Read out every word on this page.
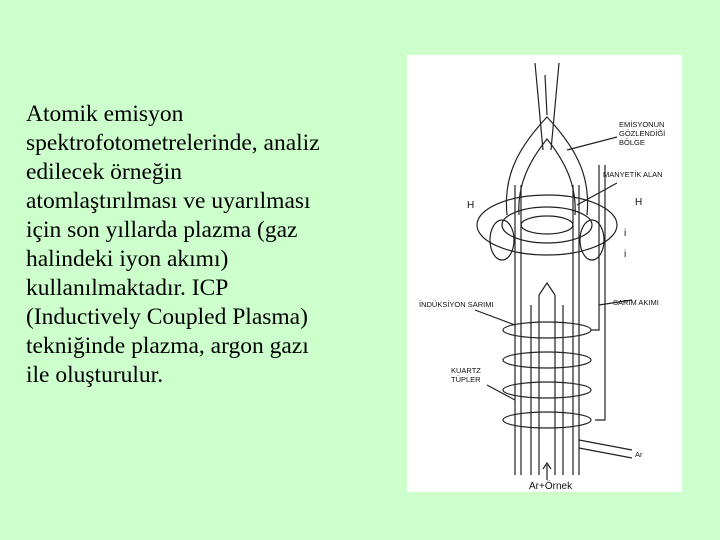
Atomik emisyon
spektrofotometrelerinde, analiz
edilecek örneğin
atomlaştırılması ve uyarılması
için son yıllarda plazma (gaz
halindeki iyon akımı)
kullanılmaktadır. ICP
(Inductively Coupled Plasma)
tekniğinde plazma, argon gazı
ile oluşturulur.
EMİSYONUN
GÖZLENDİĞİ
BÖLGE
MANYETİK ALAN
H	H
i
i
İNDÜKSİYON SARIMI	SARIM AKIMI
KUARTZ
TÜPLER
Ar
Ar+Örnek
